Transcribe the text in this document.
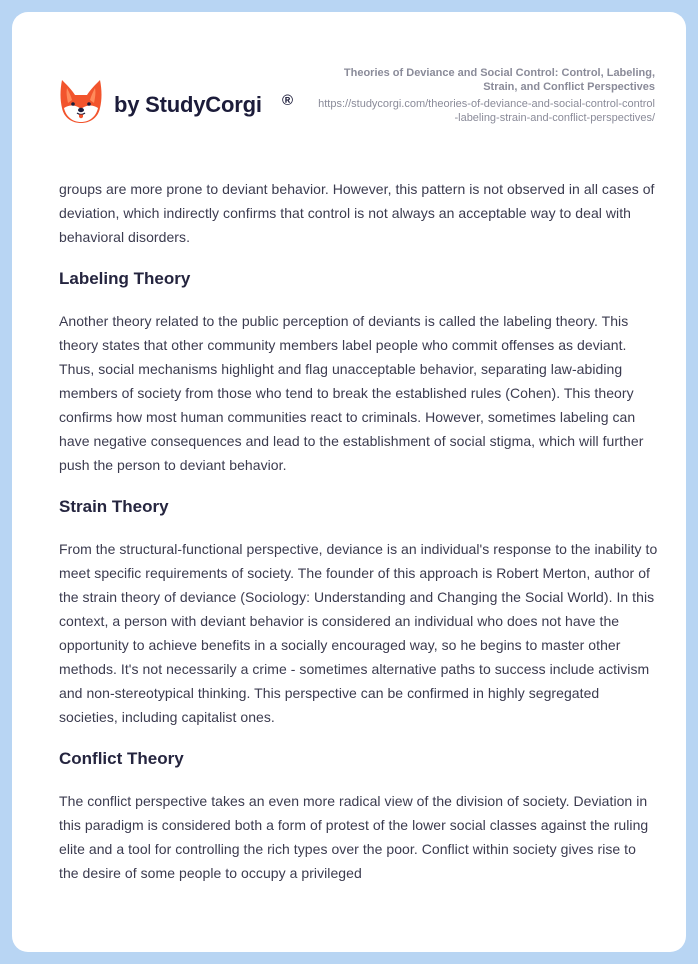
by StudyCorgi ®
Theories of Deviance and Social Control: Control, Labeling, Strain, and Conflict Perspectives
https://studycorgi.com/theories-of-deviance-and-social-control-control-labeling-strain-and-conflict-perspectives/

groups are more prone to deviant behavior. However, this pattern is not observed in all cases of deviation, which indirectly confirms that control is not always an acceptable way to deal with behavioral disorders.

Labeling Theory

Another theory related to the public perception of deviants is called the labeling theory. This theory states that other community members label people who commit offenses as deviant. Thus, social mechanisms highlight and flag unacceptable behavior, separating law-abiding members of society from those who tend to break the established rules (Cohen). This theory confirms how most human communities react to criminals. However, sometimes labeling can have negative consequences and lead to the establishment of social stigma, which will further push the person to deviant behavior.

Strain Theory

From the structural-functional perspective, deviance is an individual's response to the inability to meet specific requirements of society. The founder of this approach is Robert Merton, author of the strain theory of deviance (Sociology: Understanding and Changing the Social World). In this context, a person with deviant behavior is considered an individual who does not have the opportunity to achieve benefits in a socially encouraged way, so he begins to master other methods. It's not necessarily a crime - sometimes alternative paths to success include activism and non-stereotypical thinking. This perspective can be confirmed in highly segregated societies, including capitalist ones.

Conflict Theory

The conflict perspective takes an even more radical view of the division of society. Deviation in this paradigm is considered both a form of protest of the lower social classes against the ruling elite and a tool for controlling the rich types over the poor. Conflict within society gives rise to the desire of some people to occupy a privileged
